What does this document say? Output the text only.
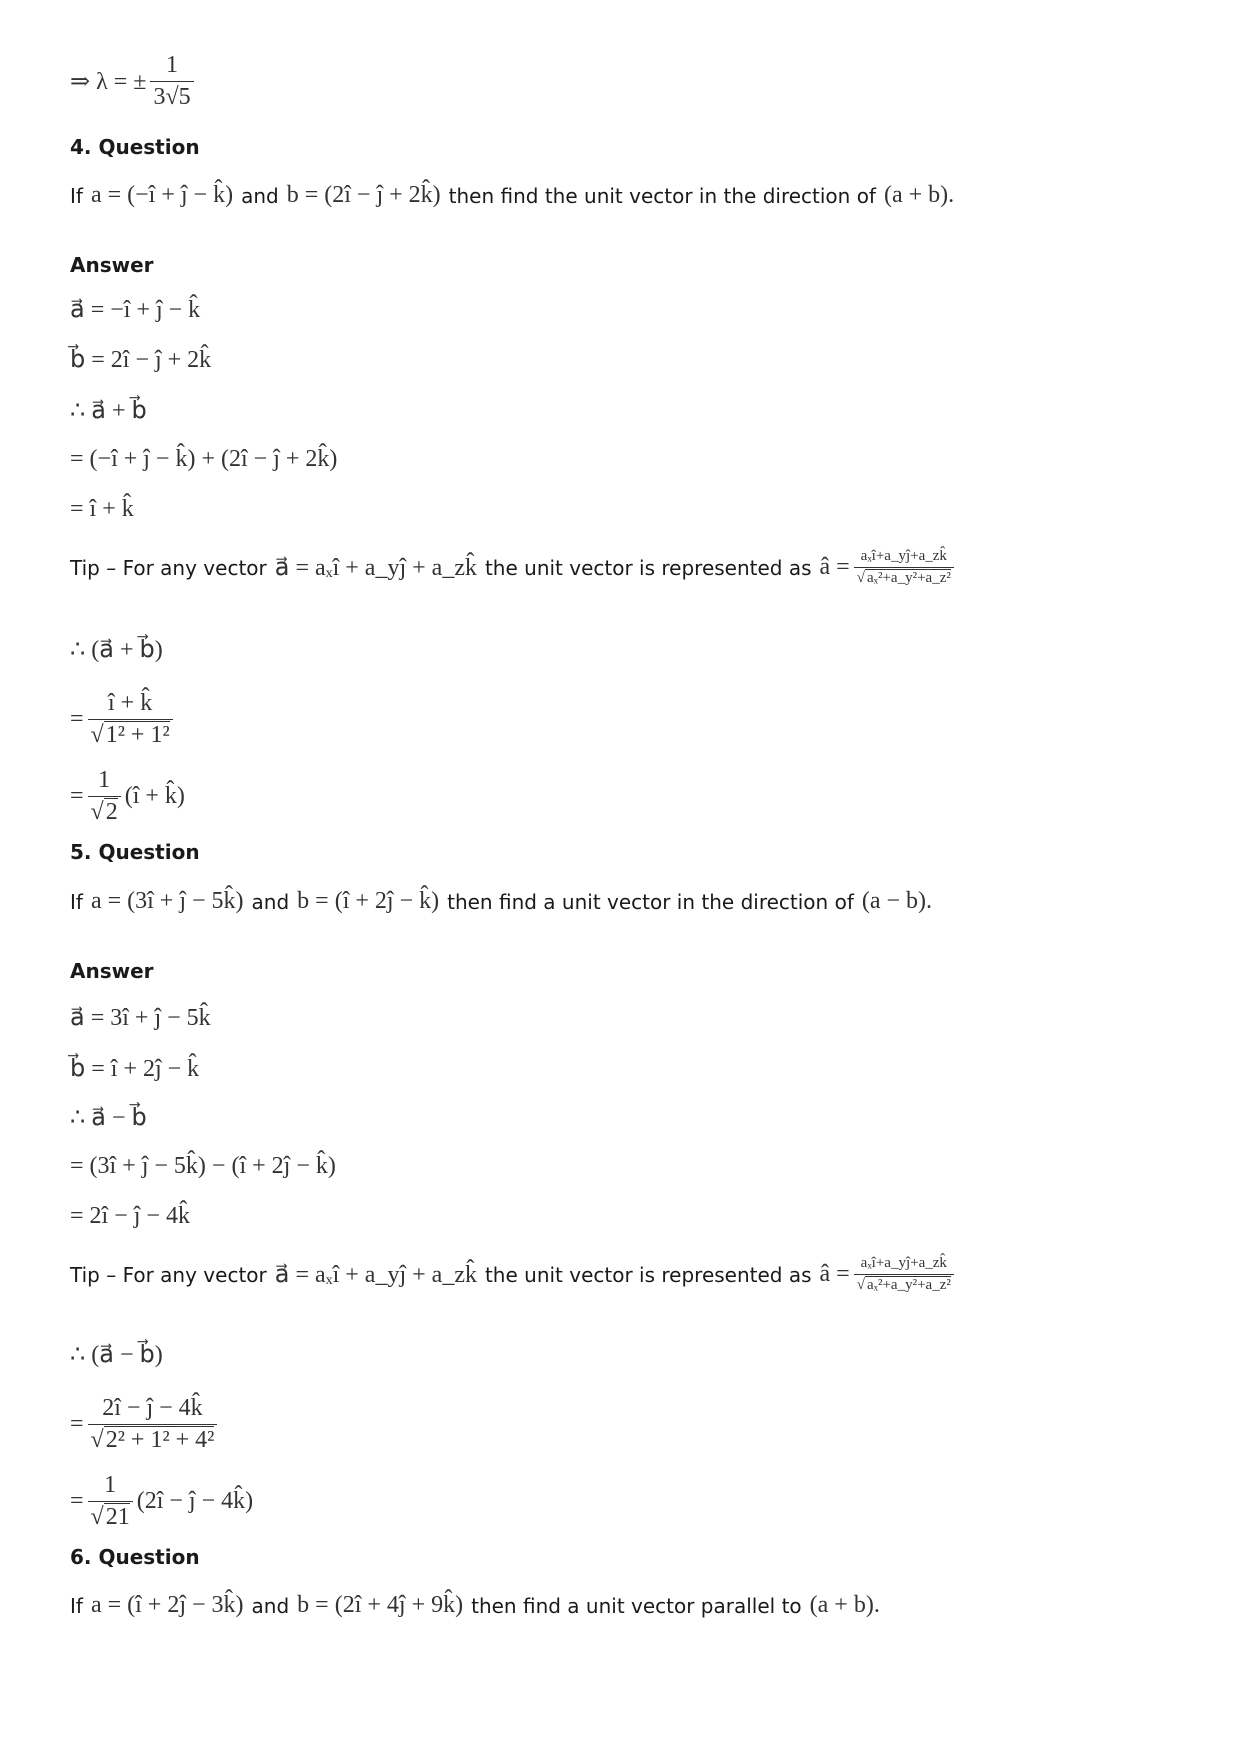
⇒ λ = ± $\frac{1}{3√5}$
4. Question
If a = (−î + ĵ − k̂) and b = (2î − ĵ + 2k̂) then find the unit vector in the direction of (a + b).
Answer
a⃗ = −î + ĵ − k̂
b⃗ = 2î − ĵ + 2k̂
∴ a⃗ + b⃗
= (−î + ĵ − k̂) + (2î − ĵ + 2k̂)
= î + k̂
Tip – For any vector a⃗ = aₓî + a_yĵ + a_zk̂ the unit vector is represented as â = $\frac{\text{aₓî+a\_yĵ+a\_zk̂}}{\text{√ aₓ²+a\_y²+a\_z²}}$
∴ (a⃗ + b⃗)
= $\frac{î + k̂}{\text{√1² + 1²}}$
= $\frac{1}{√2}$ (î + k̂)
5. Question
If a = (3î + ĵ − 5k̂) and b = (î + 2ĵ − k̂) then find a unit vector in the direction of (a − b).
Answer
a⃗ = 3î + ĵ − 5k̂
b⃗ = î + 2ĵ − k̂
∴ a⃗ − b⃗
= (3î + ĵ − 5k̂) − (î + 2ĵ − k̂)
= 2î − ĵ − 4k̂
Tip – For any vector a⃗ = aₓî + a_yĵ + a_zk̂ the unit vector is represented as â = $\frac{\text{aₓî+a\_yĵ+a\_zk̂}}{\text{√ aₓ²+a\_y²+a\_z²}}$
∴ (a⃗ − b⃗)
= $\frac{2î - ĵ - 4k̂}{\text{√2² + 1² + 4²}}$
= $\frac{1}{√21}$ (2î − ĵ − 4k̂)
6. Question
If a = (î + 2ĵ − 3k̂) and b = (2î + 4ĵ + 9k̂) then find a unit vector parallel to (a + b).
